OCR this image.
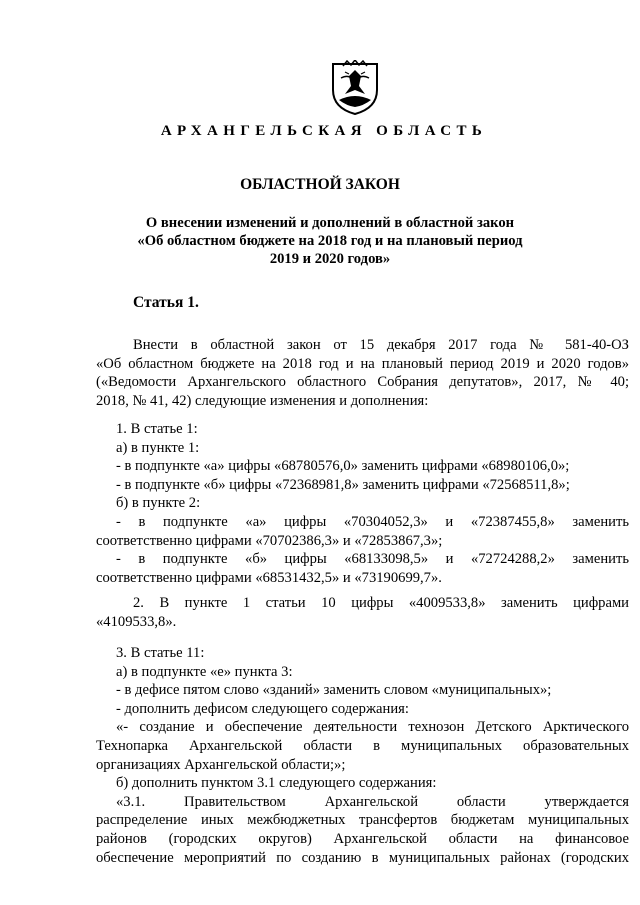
АРХАНГЕЛЬСКАЯ ОБЛАСТЬ
ОБЛАСТНОЙ ЗАКОН
О внесении изменений и дополнений в областной закон
«Об областном бюджете на 2018 год и на плановый период
2019 и 2020 годов»
Статья 1.
Внести в областной закон от 15 декабря 2017 года № 581-40-ОЗ
«Об областном бюджете на 2018 год и на плановый период 2019 и 2020 годов»
(«Ведомости Архангельского областного Собрания депутатов», 2017, № 40;
2018, № 41, 42) следующие изменения и дополнения:
1. В статье 1:
а) в пункте 1:
- в подпункте «а» цифры «68780576,0» заменить цифрами «68980106,0»;
- в подпункте «б» цифры «72368981,8» заменить цифрами «72568511,8»;
б) в пункте 2:
- в подпункте «а» цифры «70304052,3» и «72387455,8» заменить
соответственно цифрами «70702386,3» и «72853867,3»;
- в подпункте «б» цифры «68133098,5» и «72724288,2» заменить
соответственно цифрами «68531432,5» и «73190699,7».
2. В пункте 1 статьи 10 цифры «4009533,8» заменить цифрами
«4109533,8».
3. В статье 11:
а) в подпункте «е» пункта 3:
- в дефисе пятом слово «зданий» заменить словом «муниципальных»;
- дополнить дефисом следующего содержания:
«- создание и обеспечение деятельности технозон Детского Арктического
Технопарка Архангельской области в муниципальных образовательных
организациях Архангельской области;»;
б) дополнить пунктом 3.1 следующего содержания:
«3.1. Правительством Архангельской области утверждается
распределение иных межбюджетных трансфертов бюджетам муниципальных
районов (городских округов) Архангельской области на финансовое
обеспечение мероприятий по созданию в муниципальных районах (городских
